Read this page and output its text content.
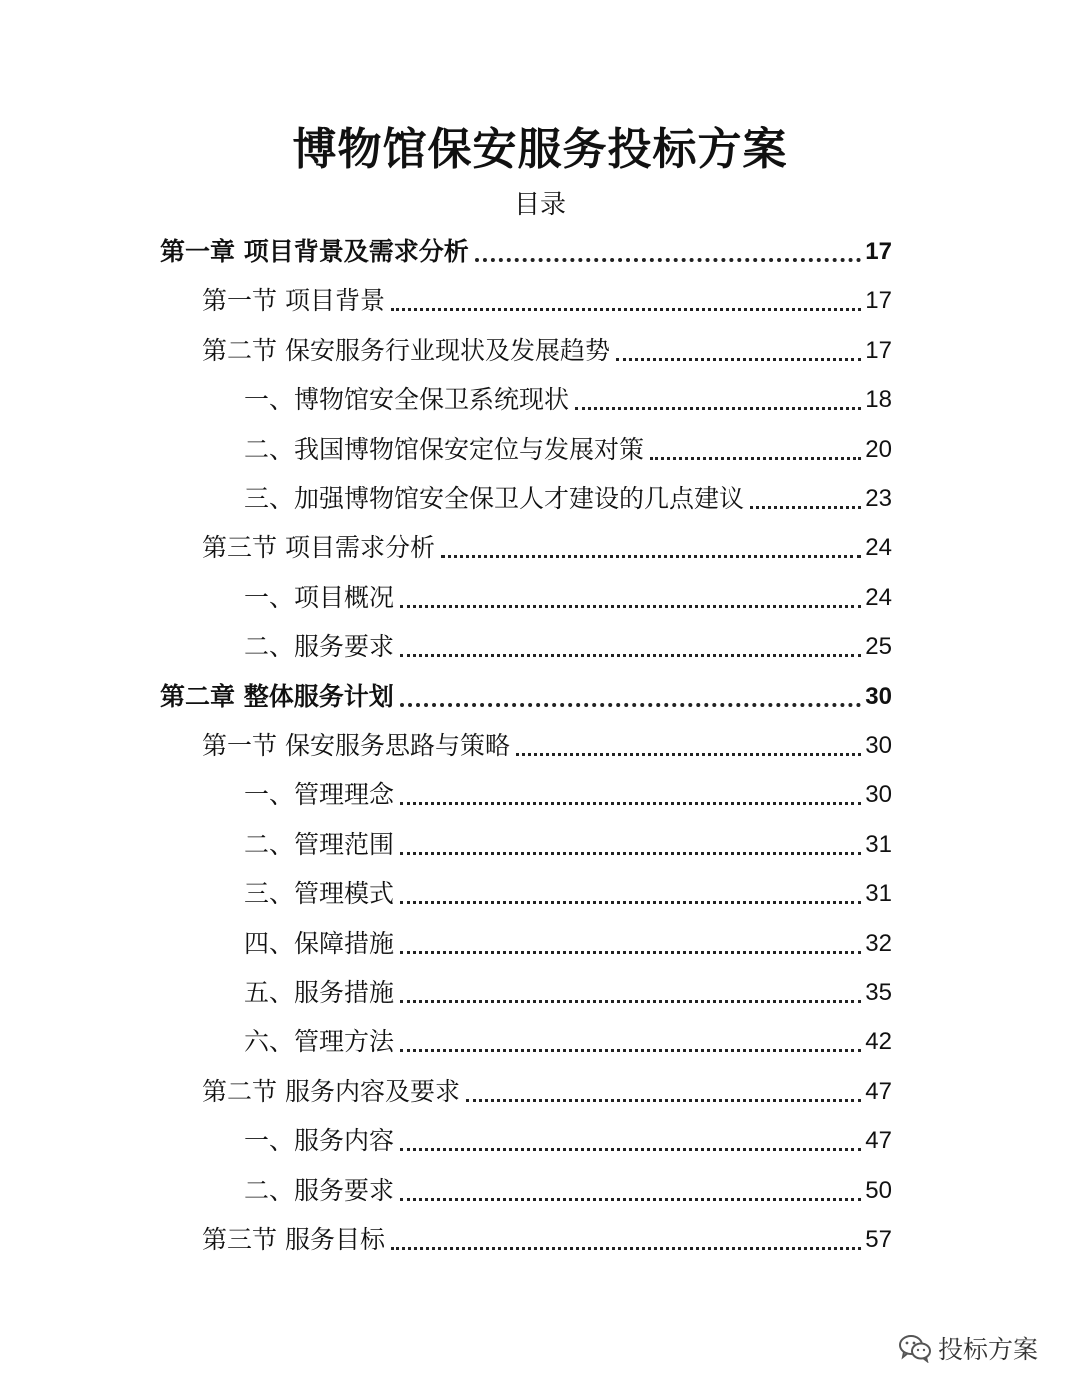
博物馆保安服务投标方案
目录
第一章 项目背景及需求分析	17
第一节 项目背景	17
第二节 保安服务行业现状及发展趋势	17
一、博物馆安全保卫系统现状	18
二、我国博物馆保安定位与发展对策	20
三、加强博物馆安全保卫人才建设的几点建议	23
第三节 项目需求分析	24
一、项目概况	24
二、服务要求	25
第二章 整体服务计划	30
第一节 保安服务思路与策略	30
一、管理理念	30
二、管理范围	31
三、管理模式	31
四、保障措施	32
五、服务措施	35
六、管理方法	42
第二节 服务内容及要求	47
一、服务内容	47
二、服务要求	50
第三节 服务目标	57
投标方案
